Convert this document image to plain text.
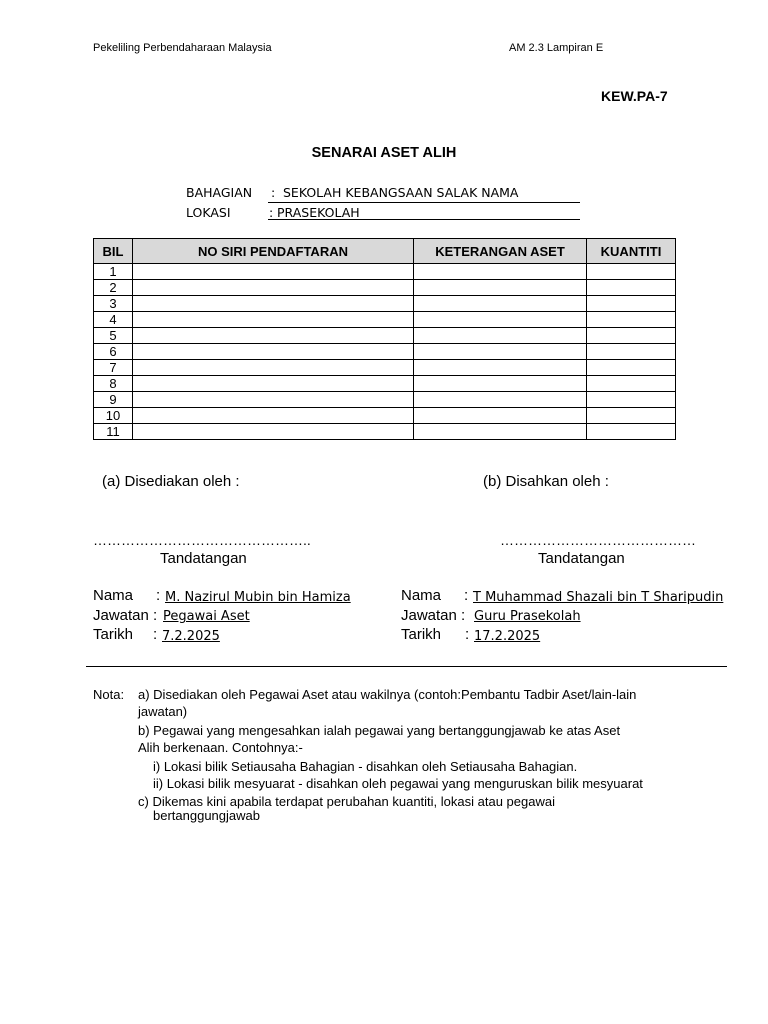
Pekeliling Perbendaharaan Malaysia	AM 2.3 Lampiran E
KEW.PA-7
SENARAI ASET ALIH
BAHAGIAN : SEKOLAH KEBANGSAAN SALAK NAMA
LOKASI	: PRASEKOLAH
BIL	NO SIRI PENDAFTARAN	KETERANGAN ASET	KUANTITI
1			
2			
3			
4			
5			
6			
7			
8			
9			
10			
11			
(a) Disediakan oleh :	(b) Disahkan oleh :
………………………………………..	……………………………………
Tandatangan	Tandatangan
Nama : M. Nazirul Mubin bin Hamiza
Jawatan : Pegawai Aset
Tarikh : 7.2.2025
Nama : T Muhammad Shazali bin T Sharipudin
Jawatan : Guru Prasekolah
Tarikh : 17.2.2025
Nota: a) Disediakan oleh Pegawai Aset atau wakilnya (contoh:Pembantu Tadbir Aset/lain-lain
jawatan)
b) Pegawai yang mengesahkan ialah pegawai yang bertanggungjawab ke atas Aset
Alih berkenaan. Contohnya:-
i) Lokasi bilik Setiausaha Bahagian - disahkan oleh Setiausaha Bahagian.
ii) Lokasi bilik mesyuarat - disahkan oleh pegawai yang menguruskan bilik mesyuarat
c) Dikemas kini apabila terdapat perubahan kuantiti, lokasi atau pegawai
bertanggungjawab
